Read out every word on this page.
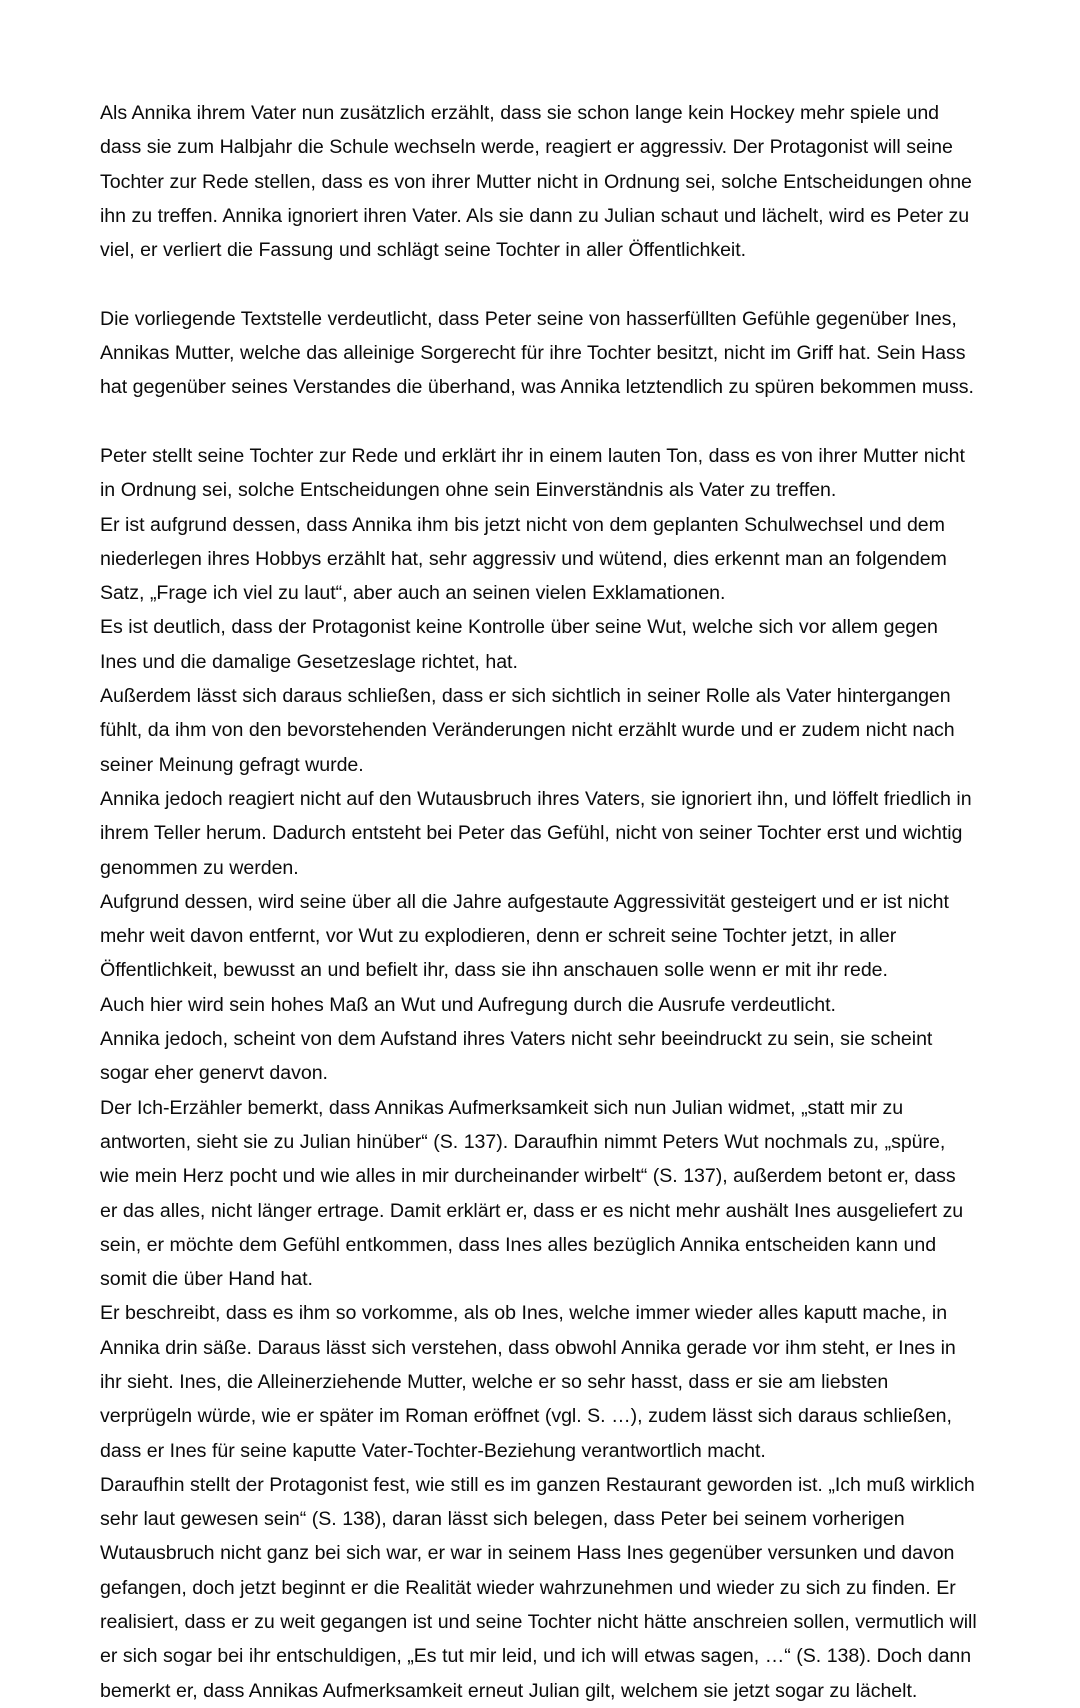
Als Annika ihrem Vater nun zusätzlich erzählt, dass sie schon lange kein Hockey mehr spiele und dass sie zum Halbjahr die Schule wechseln werde, reagiert er aggressiv. Der Protagonist will seine Tochter zur Rede stellen, dass es von ihrer Mutter nicht in Ordnung sei, solche Entscheidungen ohne ihn zu treffen. Annika ignoriert ihren Vater. Als sie dann zu Julian schaut und lächelt, wird es Peter zu viel, er verliert die Fassung und schlägt seine Tochter in aller Öffentlichkeit.

Die vorliegende Textstelle verdeutlicht, dass Peter seine von hasserfüllten Gefühle gegenüber Ines, Annikas Mutter, welche das alleinige Sorgerecht für ihre Tochter besitzt, nicht im Griff hat. Sein Hass hat gegenüber seines Verstandes die überhand, was Annika letztendlich zu spüren bekommen muss.

Peter stellt seine Tochter zur Rede und erklärt ihr in einem lauten Ton, dass es von ihrer Mutter nicht in Ordnung sei, solche Entscheidungen ohne sein Einverständnis als Vater zu treffen.

Er ist aufgrund dessen, dass Annika ihm bis jetzt nicht von dem geplanten Schulwechsel und dem niederlegen ihres Hobbys erzählt hat, sehr aggressiv und wütend, dies erkennt man an folgendem Satz, „Frage ich viel zu laut“, aber auch an seinen vielen Exklamationen.

Es ist deutlich, dass der Protagonist keine Kontrolle über seine Wut, welche sich vor allem gegen Ines und die damalige Gesetzeslage richtet, hat.

Außerdem lässt sich daraus schließen, dass er sich sichtlich in seiner Rolle als Vater hintergangen fühlt, da ihm von den bevorstehenden Veränderungen nicht erzählt wurde und er zudem nicht nach seiner Meinung gefragt wurde.

Annika jedoch reagiert nicht auf den Wutausbruch ihres Vaters, sie ignoriert ihn, und löffelt friedlich in ihrem Teller herum. Dadurch entsteht bei Peter das Gefühl, nicht von seiner Tochter erst und wichtig genommen zu werden.

Aufgrund dessen, wird seine über all die Jahre aufgestaute Aggressivität gesteigert und er ist nicht mehr weit davon entfernt, vor Wut zu explodieren, denn er schreit seine Tochter jetzt, in aller Öffentlichkeit, bewusst an und befielt ihr, dass sie ihn anschauen solle wenn er mit ihr rede.

Auch hier wird sein hohes Maß an Wut und Aufregung durch die Ausrufe verdeutlicht.

Annika jedoch, scheint von dem Aufstand ihres Vaters nicht sehr beeindruckt zu sein, sie scheint sogar eher genervt davon.

Der Ich-Erzähler bemerkt, dass Annikas Aufmerksamkeit sich nun Julian widmet, „statt mir zu antworten, sieht sie zu Julian hinüber“ (S. 137). Daraufhin nimmt Peters Wut nochmals zu, „spüre, wie mein Herz pocht und wie alles in mir durcheinander wirbelt“ (S. 137), außerdem betont er, dass er das alles, nicht länger ertrage. Damit erklärt er, dass er es nicht mehr aushält Ines ausgeliefert zu sein, er möchte dem Gefühl entkommen, dass Ines alles bezüglich Annika entscheiden kann und somit die über Hand hat.

Er beschreibt, dass es ihm so vorkomme, als ob Ines, welche immer wieder alles kaputt mache, in Annika drin säße. Daraus lässt sich verstehen, dass obwohl Annika gerade vor ihm steht, er Ines in ihr sieht. Ines, die Alleinerziehende Mutter, welche er so sehr hasst, dass er sie am liebsten verprügeln würde, wie er später im Roman eröffnet (vgl. S. …), zudem lässt sich daraus schließen, dass er Ines für seine kaputte Vater-Tochter-Beziehung verantwortlich macht.

Daraufhin stellt der Protagonist fest, wie still es im ganzen Restaurant geworden ist. „Ich muß wirklich sehr laut gewesen sein“ (S. 138), daran lässt sich belegen, dass Peter bei seinem vorherigen Wutausbruch nicht ganz bei sich war, er war in seinem Hass Ines gegenüber versunken und davon gefangen, doch jetzt beginnt er die Realität wieder wahrzunehmen und wieder zu sich zu finden. Er realisiert, dass er zu weit gegangen ist und seine Tochter nicht hätte anschreien sollen, vermutlich will er sich sogar bei ihr entschuldigen, „Es tut mir leid, und ich will etwas sagen, …“ (S. 138). Doch dann bemerkt er, dass Annikas Aufmerksamkeit erneut Julian gilt, welchem sie jetzt sogar zu lächelt.
